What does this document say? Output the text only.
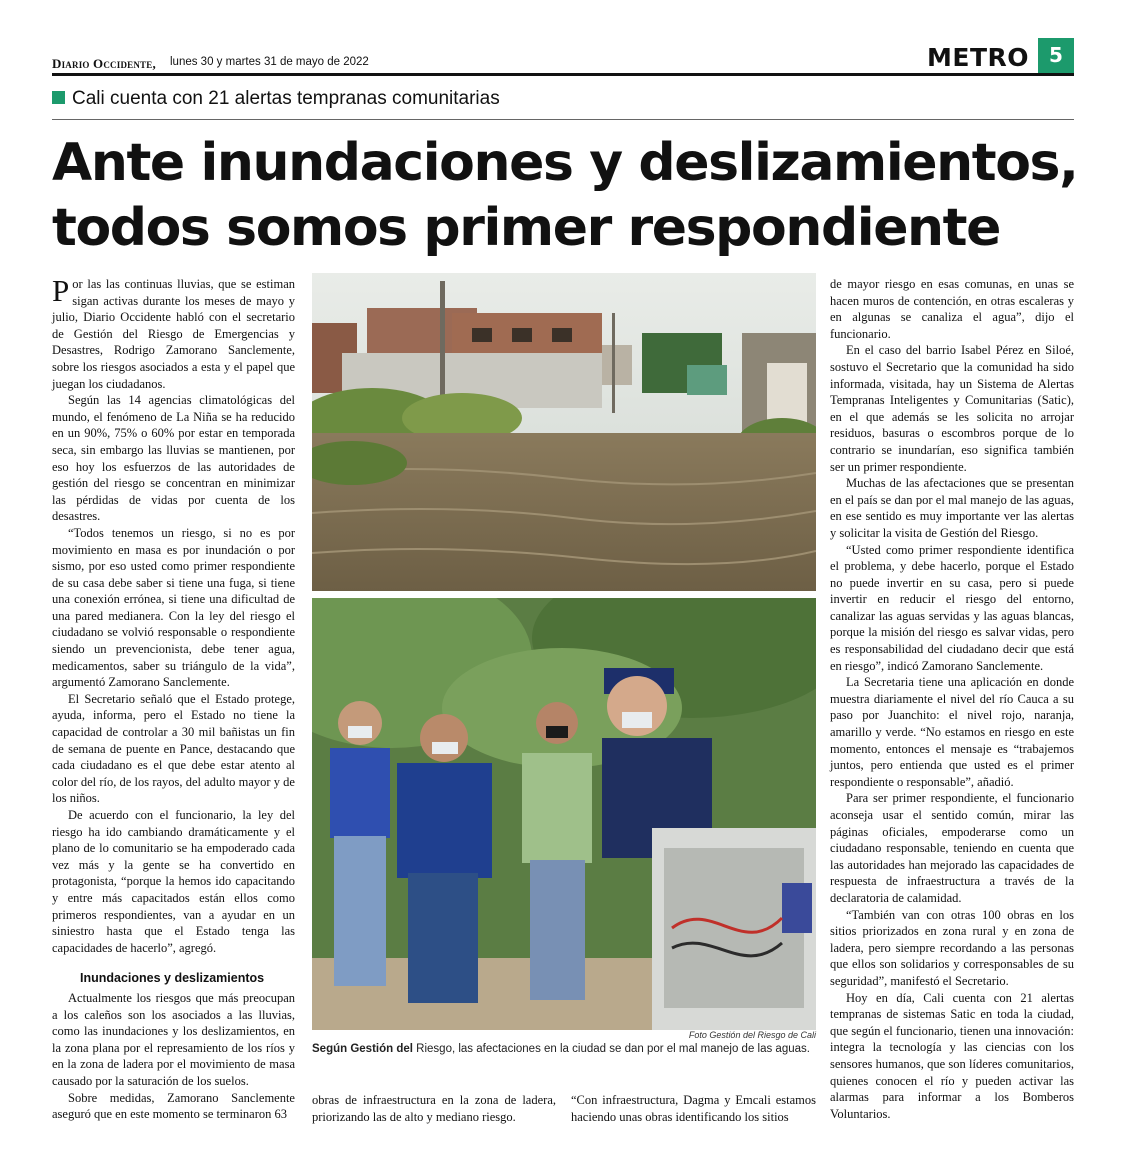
Diario Occidente, lunes 30 y martes 31 de mayo de 2022	METRO	5
Cali cuenta con 21 alertas tempranas comunitarias
Ante inundaciones y deslizamientos,
todos somos primer respondiente

Por las las continuas lluvias, que se estiman sigan activas durante los meses de mayo y julio, Diario Occidente habló con el secretario de Gestión del Riesgo de Emergencias y Desastres, Rodrigo Zamorano Sanclemente, sobre los riesgos asociados a esta y el papel que juegan los ciudadanos.

Según las 14 agencias climatológicas del mundo, el fenómeno de La Niña se ha reducido en un 90%, 75% o 60% por estar en temporada seca, sin embargo las lluvias se mantienen, por eso hoy los esfuerzos de las autoridades de gestión del riesgo se concentran en minimizar las pérdidas de vidas por cuenta de los desastres.

“Todos tenemos un riesgo, si no es por movimiento en masa es por inundación o por sismo, por eso usted como primer respondiente de su casa debe saber si tiene una fuga, si tiene una conexión errónea, si tiene una dificultad de una pared medianera. Con la ley del riesgo el ciudadano se volvió responsable o respondiente siendo un prevencionista, debe tener agua, medicamentos, saber su triángulo de la vida”, argumentó Zamorano Sanclemente.

El Secretario señaló que el Estado protege, ayuda, informa, pero el Estado no tiene la capacidad de controlar a 30 mil bañistas un fin de semana de puente en Pance, destacando que cada ciudadano es el que debe estar atento al color del río, de los rayos, del adulto mayor y de los niños.

De acuerdo con el funcionario, la ley del riesgo ha ido cambiando dramáticamente y el plano de lo comunitario se ha empoderado cada vez más y la gente se ha convertido en protagonista, “porque la hemos ido capacitando y entre más capacitados están ellos como primeros respondientes, van a ayudar en un siniestro hasta que el Estado tenga las capacidades de hacerlo”, agregó.

Inundaciones y deslizamientos

Actualmente los riesgos que más preocupan a los caleños son los asociados a las lluvias, como las inundaciones y los deslizamientos, en la zona plana por el represamiento de los ríos y en la zona de ladera por el movimiento de masa causado por la saturación de los suelos.

Sobre medidas, Zamorano Sanclemente aseguró que en este momento se terminaron 63

Foto Gestión del Riesgo de Cali
Según Gestión del Riesgo, las afectaciones en la ciudad se dan por el mal manejo de las aguas.
obras de infraestructura en la zona de ladera, priorizando las de alto y mediano riesgo.
“Con infraestructura, Dagma y Emcali estamos haciendo unas obras identificando los sitios

de mayor riesgo en esas comunas, en unas se hacen muros de contención, en otras escaleras y en algunas se canaliza el agua”, dijo el funcionario.

En el caso del barrio Isabel Pérez en Siloé, sostuvo el Secretario que la comunidad ha sido informada, visitada, hay un Sistema de Alertas Tempranas Inteligentes y Comunitarias (Satic), en el que además se les solicita no arrojar residuos, basuras o escombros porque de lo contrario se inundarían, eso significa también ser un primer respondiente.

Muchas de las afectaciones que se presentan en el país se dan por el mal manejo de las aguas, en ese sentido es muy importante ver las alertas y solicitar la visita de Gestión del Riesgo.

“Usted como primer respondiente identifica el problema, y debe hacerlo, porque el Estado no puede invertir en su casa, pero si puede invertir en reducir el riesgo del entorno, canalizar las aguas servidas y las aguas blancas, porque la misión del riesgo es salvar vidas, pero es responsabilidad del ciudadano decir que está en riesgo”, indicó Zamorano Sanclemente.

La Secretaria tiene una aplicación en donde muestra diariamente el nivel del río Cauca a su paso por Juanchito: el nivel rojo, naranja, amarillo y verde. “No estamos en riesgo en este momento, entonces el mensaje es “trabajemos juntos, pero entienda que usted es el primer respondiente o responsable”, añadió.

Para ser primer respondiente, el funcionario aconseja usar el sentido común, mirar las páginas oficiales, empoderarse como un ciudadano responsable, teniendo en cuenta que las autoridades han mejorado las capacidades de respuesta de infraestructura a través de la declaratoria de calamidad.

“También van con otras 100 obras en los sitios priorizados en zona rural y en zona de ladera, pero siempre recordando a las personas que ellos son solidarios y corresponsables de su seguridad”, manifestó el Secretario.

Hoy en día, Cali cuenta con 21 alertas tempranas de sistemas Satic en toda la ciudad, que según el funcionario, tienen una innovación: integra la tecnología y las ciencias con los sensores humanos, que son líderes comunitarios, quienes conocen el río y pueden activar las alarmas para informar a los Bomberos Voluntarios.
